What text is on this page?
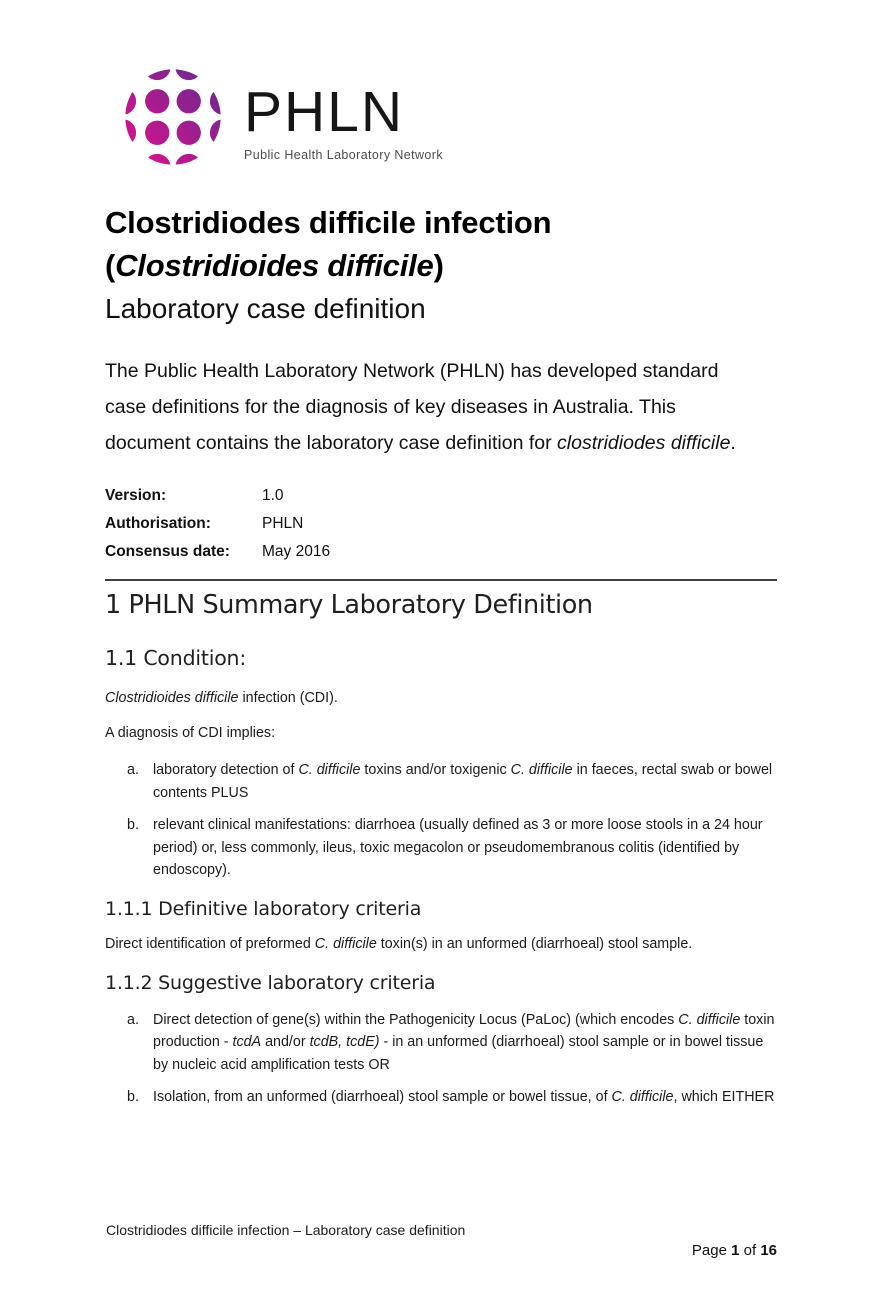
PHLN
Public Health Laboratory Network
Clostridiodes difficile infection
(Clostridioides difficile)
Laboratory case definition

The Public Health Laboratory Network (PHLN) has developed standard
case definitions for the diagnosis of key diseases in Australia. This
document contains the laboratory case definition for clostridiodes difficile.

Version:	1.0
Authorisation:	PHLN
Consensus date:	May 2016
1 PHLN Summary Laboratory Definition
1.1 Condition:

Clostridioides difficile infection (CDI).

A diagnosis of CDI implies:

a. laboratory detection of C. difficile toxins and/or toxigenic C. difficile in faeces, rectal swab or bowel contents PLUS
b. relevant clinical manifestations: diarrhoea (usually defined as 3 or more loose stools in a 24 hour period) or, less commonly, ileus, toxic megacolon or pseudomembranous colitis (identified by endoscopy).
1.1.1 Definitive laboratory criteria

Direct identification of preformed C. difficile toxin(s) in an unformed (diarrhoeal) stool sample.

1.1.2 Suggestive laboratory criteria
a. Direct detection of gene(s) within the Pathogenicity Locus (PaLoc) (which encodes C. difficile toxin production - tcdA and/or tcdB, tcdE) - in an unformed (diarrhoeal) stool sample or in bowel tissue by nucleic acid amplification tests OR
b. Isolation, from an unformed (diarrhoeal) stool sample or bowel tissue, of C. difficile, which EITHER
Clostridiodes difficile infection – Laboratory case definition
Page 1 of 16
